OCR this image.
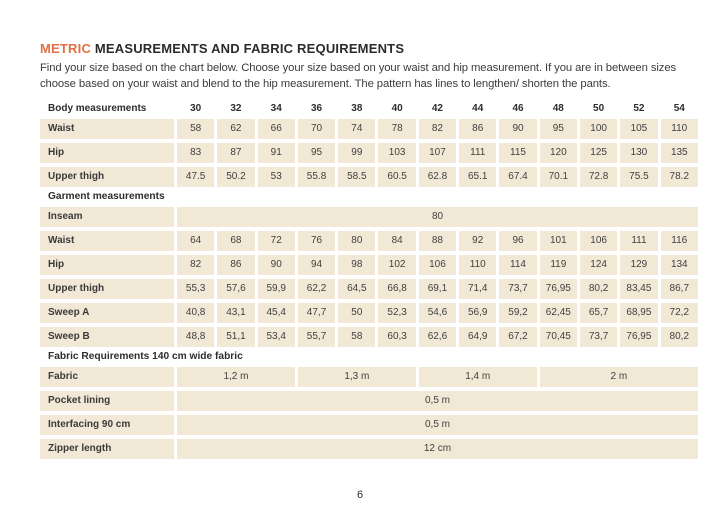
METRIC MEASUREMENTS AND FABRIC REQUIREMENTS
Find your size based on the chart below. Choose your size based on your waist and hip measurement. If you are in between sizes
choose based on your waist and blend to the hip measurement. The pattern has lines to lengthen/ shorten the pants.
Body measurements	30	32	34	36	38	40	42	44	46	48	50	52	54
Waist	58	62	66	70	74	78	82	86	90	95	100	105	110
Hip	83	87	91	95	99	103	107	111	115	120	125	130	135
Upper thigh	47.5	50.2	53	55.8	58.5	60.5	62.8	65.1	67.4	70.1	72.8	75.5	78.2
Garment measurements													
Inseam	80												
Waist	64	68	72	76	80	84	88	92	96	101	106	111	116
Hip	82	86	90	94	98	102	106	110	114	119	124	129	134
Upper thigh	55,3	57,6	59,9	62,2	64,5	66,8	69,1	71,4	73,7	76,95	80,2	83,45	86,7
Sweep A	40,8	43,1	45,4	47,7	50	52,3	54,6	56,9	59,2	62,45	65,7	68,95	72,2
Sweep B	48,8	51,1	53,4	55,7	58	60,3	62,6	64,9	67,2	70,45	73,7	76,95	80,2
Fabric Requirements 140 cm wide fabric													
Fabric	1,2 m			1,3 m			1,4 m			2 m			
Pocket lining	0,5 m												
Interfacing 90 cm	0,5 m												
Zipper length	12 cm												
6
